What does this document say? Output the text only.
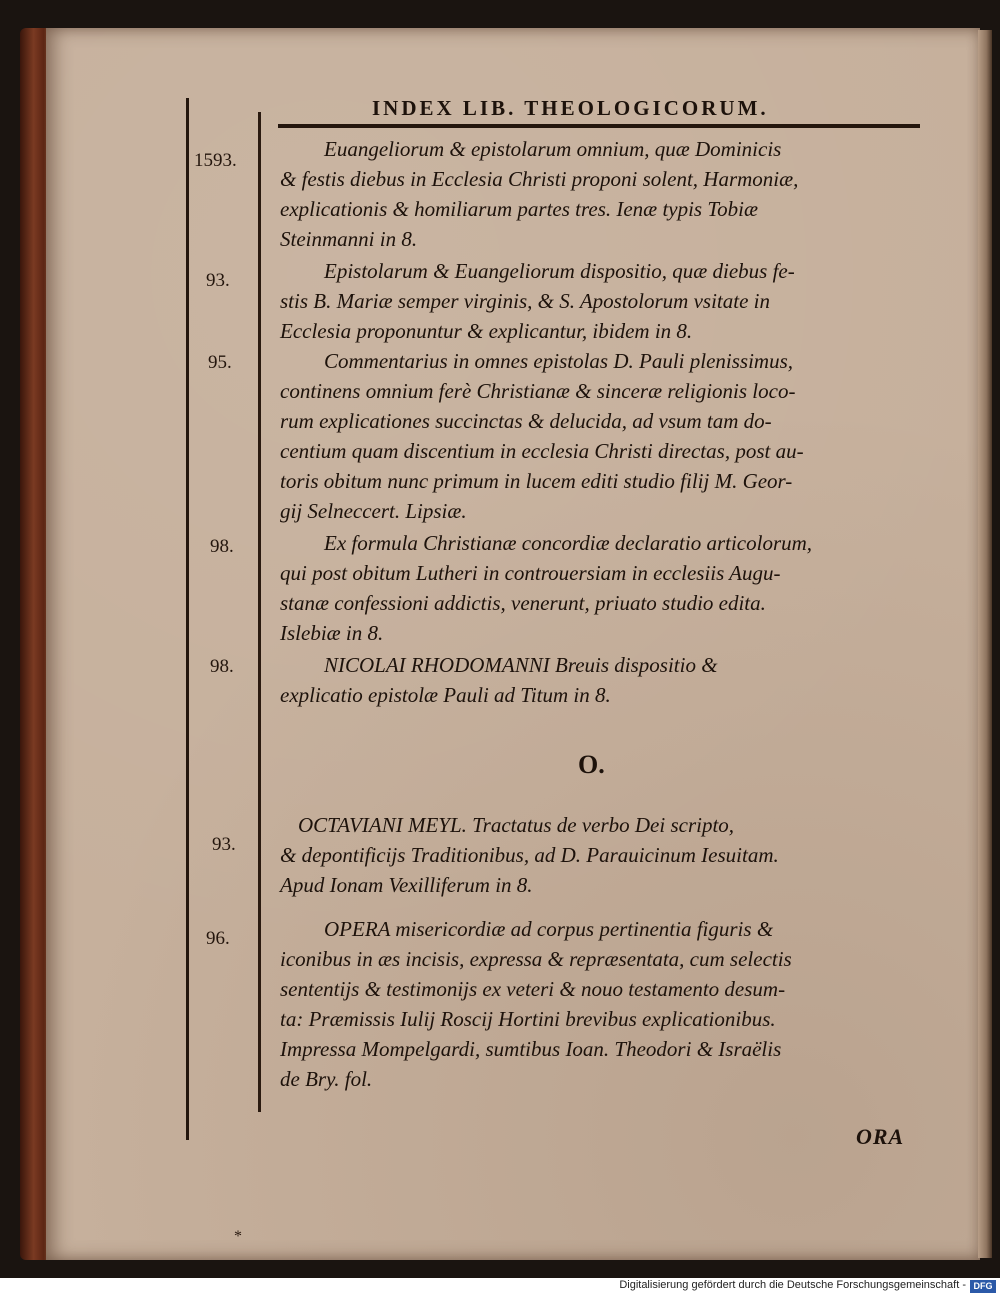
INDEX LIB. THEOLOGICORUM.
1593.
93.
95.
98.
98.
93.
96.

Euangeliorum & epistolarum omnium, quæ Dominicis

& festis diebus in Ecclesia Christi proponi solent, Harmoniæ,
explicationis & homiliarum partes tres. Ienæ typis Tobiæ
Steinmanni in 8.

Epistolarum & Euangeliorum dispositio, quæ diebus fe-

stis B. Mariæ semper virginis, & S. Apostolorum vsitate in
Ecclesia proponuntur & explicantur, ibidem in 8.

Commentarius in omnes epistolas D. Pauli plenissimus,

continens omnium ferè Christianæ & sinceræ religionis loco-
rum explicationes succinctas & delucida, ad vsum tam do-
centium quam discentium in ecclesia Christi directas, post au-
toris obitum nunc primum in lucem editi studio filij M. Geor-
gij Selneccert. Lipsiæ.

Ex formula Christianæ concordiæ declaratio articolorum,

qui post obitum Lutheri in controuersiam in ecclesiis Augu-
stanæ confessioni addictis, venerunt, priuato studio edita.
Islebiæ in 8.

NICOLAI RHODOMANNI Breuis dispositio &

explicatio epistolæ Pauli ad Titum in 8.

OCTAVIANI MEYL. Tractatus de verbo Dei scripto,

& depontificijs Traditionibus, ad D. Parauicinum Iesuitam.
Apud Ionam Vexilliferum in 8.

OPERA misericordiæ ad corpus pertinentia figuris &

iconibus in æs incisis, expressa & repræsentata, cum selectis
sententijs & testimonijs ex veteri & nouo testamento desum-
ta: Præmissis Iulij Roscij Hortini brevibus explicationibus.
Impressa Mompelgardi, sumtibus Ioan. Theodori & Israëlis
de Bry. fol.
O.
ORA
*
Digitalisierung gefördert durch die Deutsche Forschungsgemeinschaft - DFG
